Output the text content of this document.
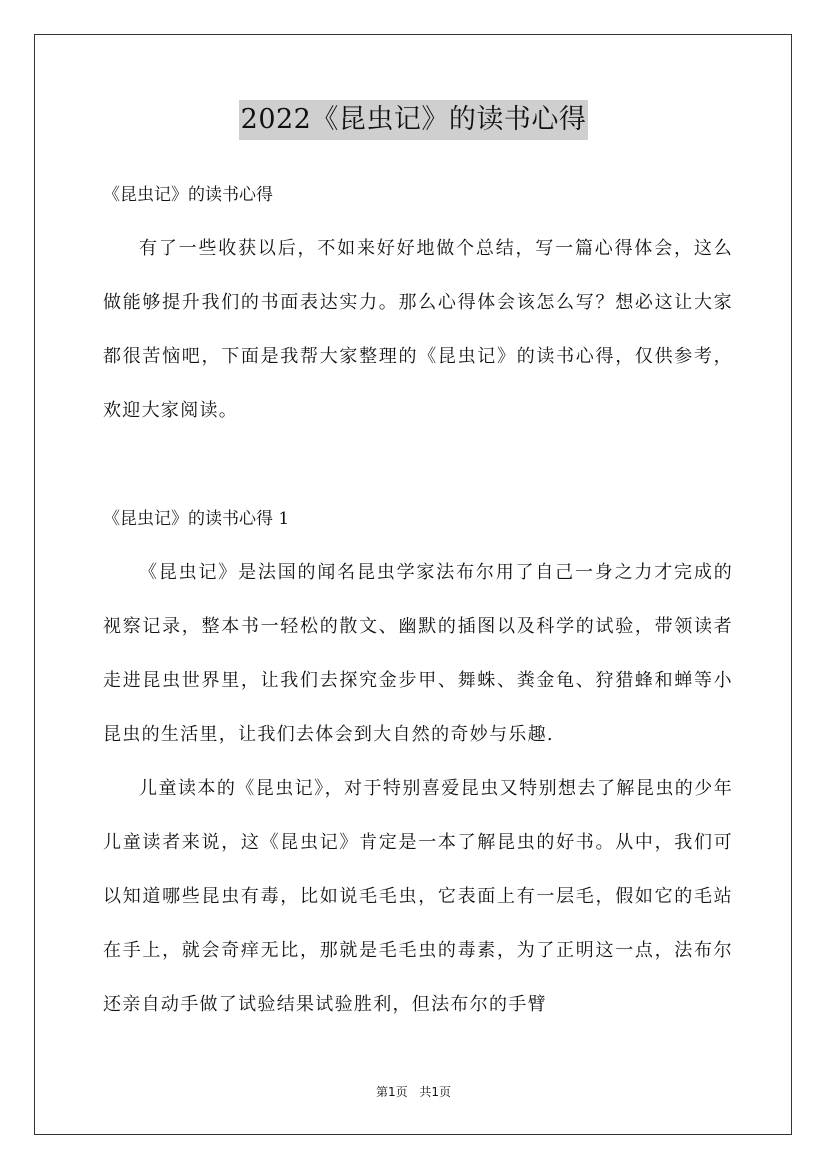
2022《昆虫记》的读书心得

《昆虫记》的读书心得

有了一些收获以后，不如来好好地做个总结，写一篇心得体会，这么做能够提升我们的书面表达实力。那么心得体会该怎么写？想必这让大家都很苦恼吧，下面是我帮大家整理的《昆虫记》的读书心得，仅供参考，欢迎大家阅读。

《昆虫记》的读书心得 1

《昆虫记》是法国的闻名昆虫学家法布尔用了自己一身之力才完成的视察记录，整本书一轻松的散文、幽默的插图以及科学的试验，带领读者走进昆虫世界里，让我们去探究金步甲、舞蛛、粪金龟、狩猎蜂和蝉等小昆虫的生活里，让我们去体会到大自然的奇妙与乐趣.

儿童读本的《昆虫记》，对于特别喜爱昆虫又特别想去了解昆虫的少年儿童读者来说，这《昆虫记》肯定是一本了解昆虫的好书。从中，我们可以知道哪些昆虫有毒，比如说毛毛虫，它表面上有一层毛，假如它的毛站在手上，就会奇痒无比，那就是毛毛虫的毒素，为了正明这一点，法布尔还亲自动手做了试验结果试验胜利，但法布尔的手臂

第1页 共1页
